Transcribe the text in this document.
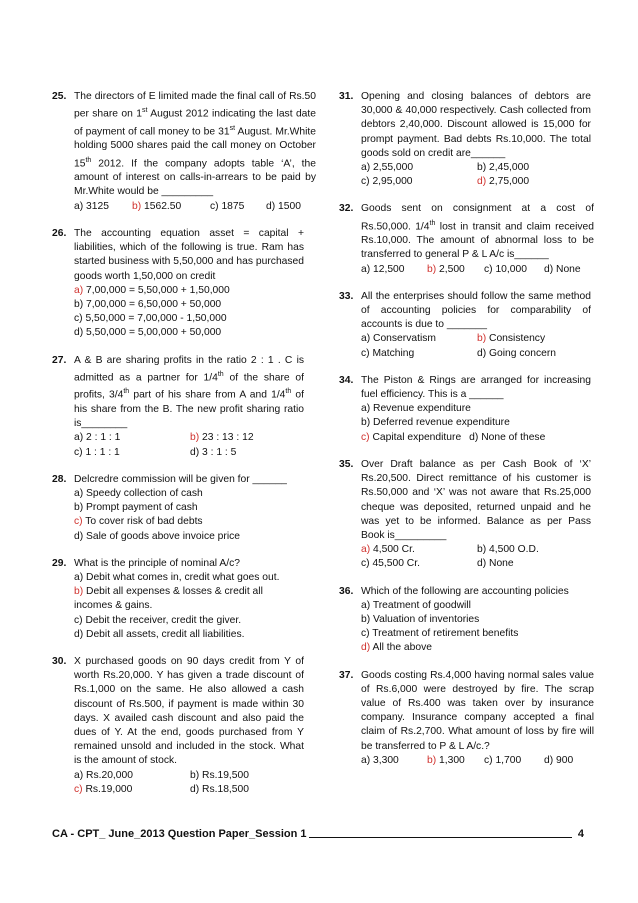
25. The directors of E limited made the final call of Rs.50 per share on 1st August 2012 indicating the last date of payment of call money to be 31st August. Mr.White holding 5000 shares paid the call money on October 15th 2012. If the company adopts table ‘A’, the amount of interest on calls-in-arrears to be paid by Mr.White would be _________

a) 3125	b) 1562.50	c) 1875	d) 1500
26. The accounting equation asset = capital + liabilities, which of the following is true. Ram has started business with 5,50,000 and has purchased goods worth 1,50,000 on credit

a) 7,00,000 = 5,50,000 + 1,50,000

b) 7,00,000 = 6,50,000 + 50,000

c) 5,50,000 = 7,00,000 - 1,50,000

d) 5,50,000 = 5,00,000 + 50,000

27. A & B are sharing profits in the ratio 2 : 1 . C is admitted as a partner for 1/4th of the share of profits, 3/4th part of his share from A and 1/4th of his share from the B. The new profit sharing ratio is________

a) 2 : 1 : 1	b) 23 : 13 : 12
c) 1 : 1 : 1	d) 3 : 1 : 5
28. Delcredre commission will be given for ______

a) Speedy collection of cash

b) Prompt payment of cash

c) To cover risk of bad debts

d) Sale of goods above invoice price

29. What is the principle of nominal A/c?

a) Debit what comes in, credit what goes out.

b) Debit all expenses & losses & credit all incomes & gains.

c) Debit the receiver, credit the giver.

d) Debit all assets, credit all liabilities.

30. X purchased goods on 90 days credit from Y of worth Rs.20,000. Y has given a trade discount of Rs.1,000 on the same. He also allowed a cash discount of Rs.500, if payment is made within 30 days. X availed cash discount and also paid the dues of Y. At the end, goods purchased from Y remained unsold and included in the stock. What is the amount of stock.

a) Rs.20,000	b) Rs.19,500
c) Rs.19,000	d) Rs.18,500
31. Opening and closing balances of debtors are 30,000 & 40,000 respectively. Cash collected from debtors 2,40,000. Discount allowed is 15,000 for prompt payment. Bad debts Rs.10,000. The total goods sold on credit are______

a) 2,55,000	b) 2,45,000
c) 2,95,000	d) 2,75,000
32. Goods sent on consignment at a cost of Rs.50,000. 1/4th lost in transit and claim received Rs.10,000. The amount of abnormal loss to be transferred to general P & L A/c is______

a) 12,500	b) 2,500	c) 10,000	d) None
33. All the enterprises should follow the same method of accounting policies for comparability of accounts is due to _______

a) Conservatism	b) Consistency
c) Matching	d) Going concern
34. The Piston & Rings are arranged for increasing fuel efficiency. This is a ______

a) Revenue expenditure

b) Deferred revenue expenditure

c) Capital expenditure d) None of these
35. Over Draft balance as per Cash Book of ‘X’ Rs.20,500. Direct remittance of his customer is Rs.50,000 and ‘X’ was not aware that Rs.25,000 cheque was deposited, returned unpaid and he was yet to be informed. Balance as per Pass Book is_________

a) 4,500 Cr.	b) 4,500 O.D.
c) 45,500 Cr.	d) None
36. Which of the following are accounting policies

a) Treatment of goodwill

b) Valuation of inventories

c) Treatment of retirement benefits

d) All the above

37. Goods costing Rs.4,000 having normal sales value of Rs.6,000 were destroyed by fire. The scrap value of Rs.400 was taken over by insurance company. Insurance company accepted a final claim of Rs.2,700. What amount of loss by fire will be transferred to P & L A/c.?

a) 3,300	b) 1,300	c) 1,700	d) 900
CA - CPT_ June_2013 Question Paper_Session 1	4
